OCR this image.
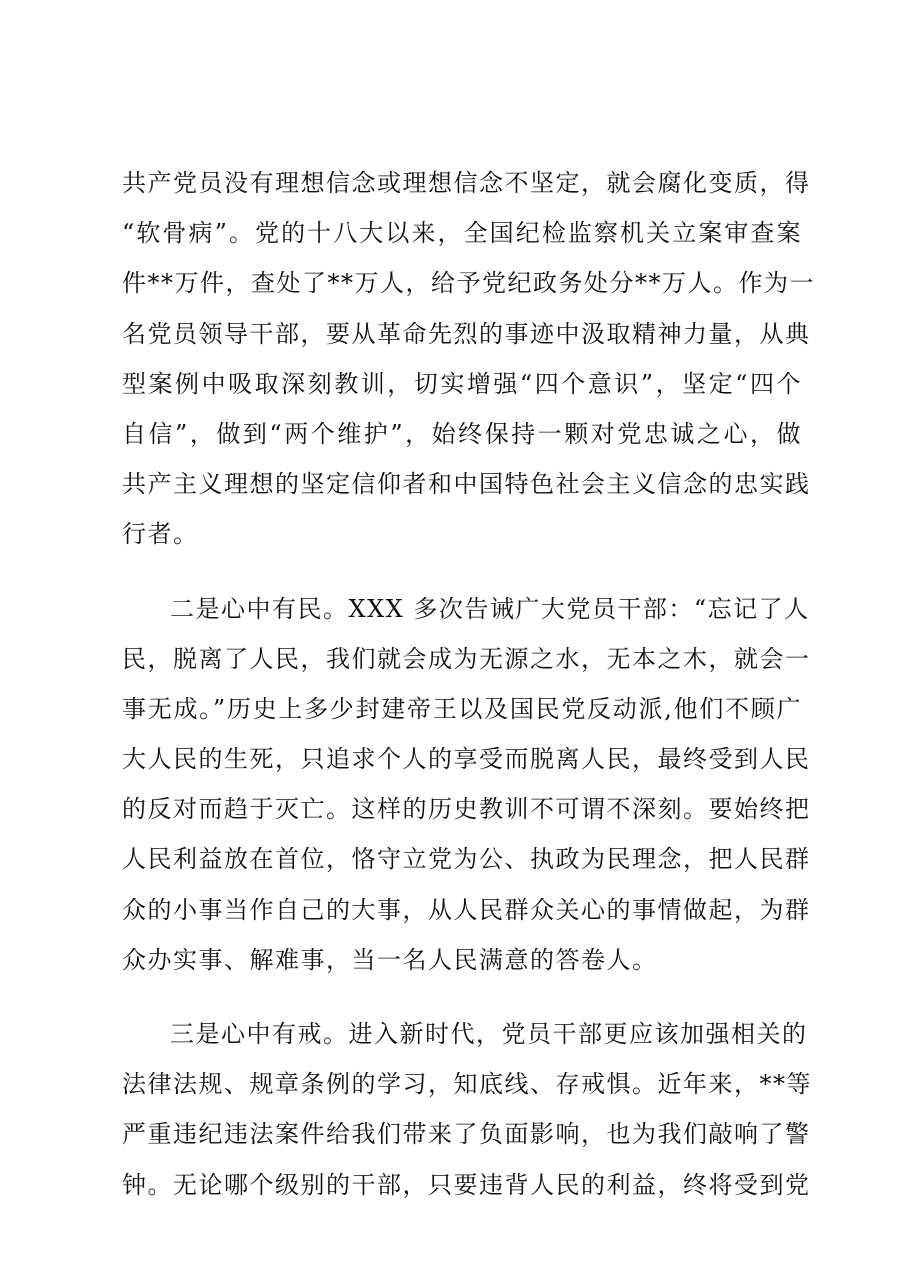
共产党员没有理想信念或理想信念不坚定，就会腐化变质，得
“软骨病”。党的十八大以来，全国纪检监察机关立案审查案
件**万件，查处了**万人，给予党纪政务处分**万人。作为一
名党员领导干部，要从革命先烈的事迹中汲取精神力量，从典
型案例中吸取深刻教训，切实增强“四个意识”，坚定“四个
自信”，做到“两个维护”，始终保持一颗对党忠诚之心，做
共产主义理想的坚定信仰者和中国特色社会主义信念的忠实践
行者。
二是心中有民。XXX 多次告诫广大党员干部：“忘记了人
民，脱离了人民，我们就会成为无源之水，无本之木，就会一
事无成。”历史上多少封建帝王以及国民党反动派,他们不顾广
大人民的生死，只追求个人的享受而脱离人民，最终受到人民
的反对而趋于灭亡。这样的历史教训不可谓不深刻。要始终把
人民利益放在首位，恪守立党为公、执政为民理念，把人民群
众的小事当作自己的大事，从人民群众关心的事情做起，为群
众办实事、解难事，当一名人民满意的答卷人。
三是心中有戒。进入新时代，党员干部更应该加强相关的
法律法规、规章条例的学习，知底线、存戒惧。近年来，**等
严重违纪违法案件给我们带来了负面影响，也为我们敲响了警
钟。无论哪个级别的干部，只要违背人民的利益，终将受到党
